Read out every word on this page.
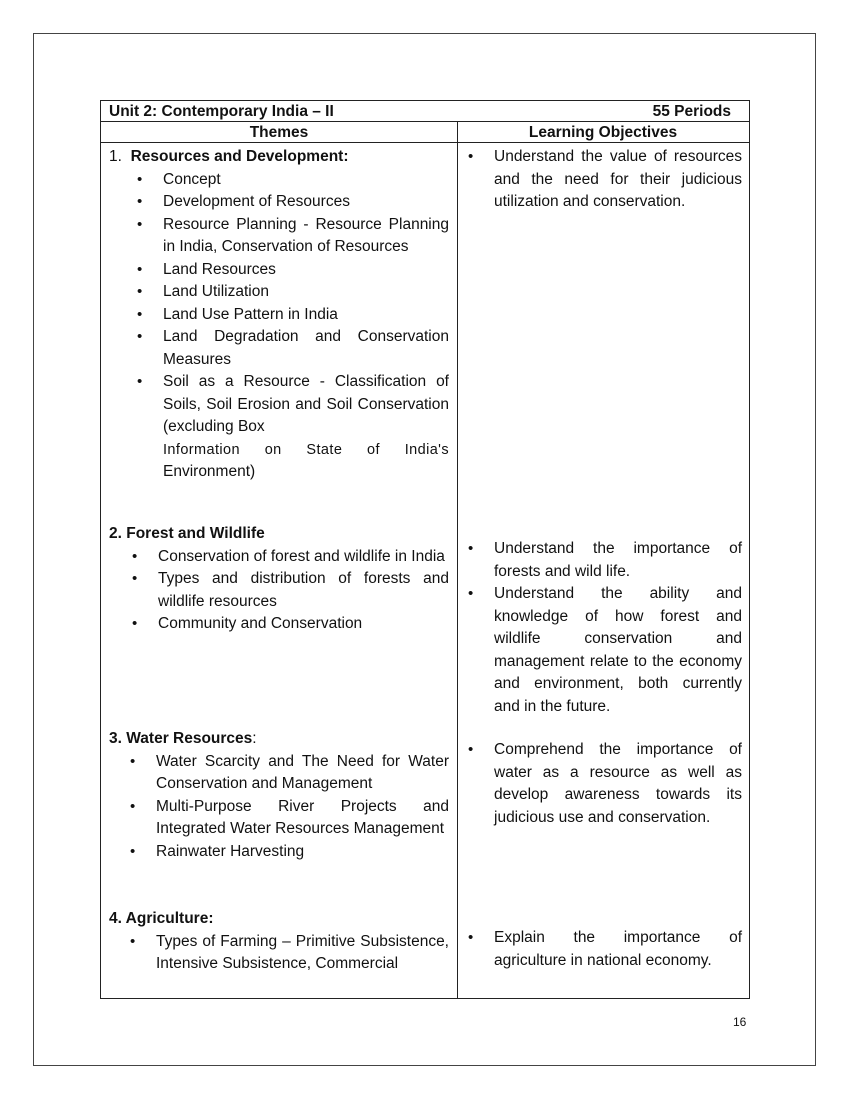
Unit 2: Contemporary India – II	55 Periods
Themes	Learning Objectives

1. Resources and Development:

• Concept
• Development of Resources
• Resource Planning - Resource Planning in India, Conservation of Resources
• Land Resources
• Land Utilization
• Land Use Pattern in India
• Land Degradation and Conservation Measures
• Soil as a Resource - Classification of Soils, Soil Erosion and Soil Conservation (excluding Box
Information on State of India's
Environment)
• Understand the value of resources and the need for their judicious utilization and conservation.

2. Forest and Wildlife

• Conservation of forest and wildlife in India
• Types and distribution of forests and wildlife resources
• Community and Conservation
• Understand the importance of forests and wild life.
• Understand the ability and knowledge of how forest and wildlife conservation and management relate to the economy and environment, both currently and in the future.

3. Water Resources:

• Water Scarcity and The Need for Water Conservation and Management
• Multi-Purpose River Projects and Integrated Water Resources Management
• Rainwater Harvesting
• Comprehend the importance of water as a resource as well as develop awareness towards its judicious use and conservation.

4. Agriculture:

• Types of Farming – Primitive Subsistence, Intensive Subsistence, Commercial
• Explain the importance of agriculture in national economy.
16
